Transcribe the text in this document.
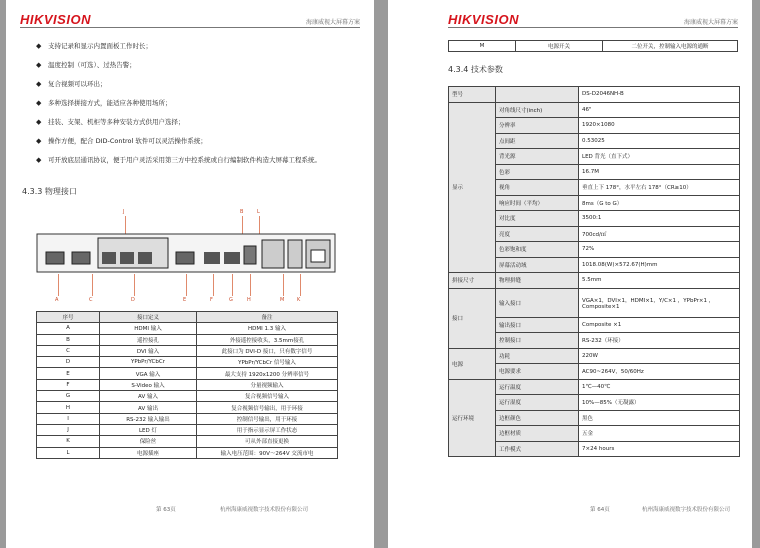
HIKVISION	海康威视大屏幕方案
◆ 支持记录和显示内置面板工作时长；
◆ 温度控制（可选）、过热告警；
◆ 复合视频可以环出；
◆ 多种选择拼接方式，能适应各种使用场所；
◆ 挂装、支架、机柜等多种安装方式供用户选择；
◆ 操作方便，配合 DID-Control 软件可以灵活操作系统；
◆ 可开放底层通讯协议，便于用户灵活采用第三方中控系统或自行编制软件构造大屏幕工程系统。
4.3.3 物理接口
J	B	L
A	C	D	E	F	G	H	M	K
序号	接口定义	备注
A	HDMI 输入	HDMI 1.3 输入
B	遥控接孔	外接遥控接收头，3.5mm接孔
C	DVI 输入	此接口为 DVI-D 接口，只有数字信号
D	YPbPr/YCbCr	YPbPr/YCbCr 信号输入
E	VGA 输入	最大支持 1920x1200 分辨率信号
F	S-Video 输入	分量视频输入
G	AV 输入	复合视频信号输入
H	AV 输出	复合视频信号输出，用于环接
I	RS-232 输入输出	控制信号输出，用于环接
J	LED 灯	用于指示显示屏工作状态
K	保险丝	可从外部直接更换
L	电源插座	输入电压范围：90V～264V 交流市电
第 63页	杭州海康威视数字技术股份有限公司
HIKVISION	海康威视大屏幕方案
M	电源开关	二位开关，控制输入电源的通断
4.3.4 技术参数
型号		DS-D2046NH-B
显示	对角线尺寸(inch)	46"
	分辨率	1920×1080
	点间距	0.53025
	背光源	LED 背光（直下式）
	色彩	16.7M
	视角	垂直上下 178°，水平左右 178°（CR≥10）
	响应时间（平均）	8ms（G to G）
	对比度	3500:1
	亮度	700cd/㎡
	色彩饱和度	72%
	屏幕活动域	1018.08(W)×572.67(H)mm
拼接尺寸	物理拼缝	5.5mm
接口	输入接口	VGA×1，DVI×1，HDMI×1，Y/C×1 ，YPbPr×1 ，Composite×1
	输出接口	Composite ×1
	控制接口	RS-232（环接）
电源	功耗	220W
	电源要求	AC90~264V，50/60Hz
运行环境	运行温度	1℃—40℃
	运行湿度	10%—85%（无凝露）
	边框颜色	黑色
	边框材质	五金
	工作模式	7×24 hours
第 64页	杭州海康威视数字技术股份有限公司
